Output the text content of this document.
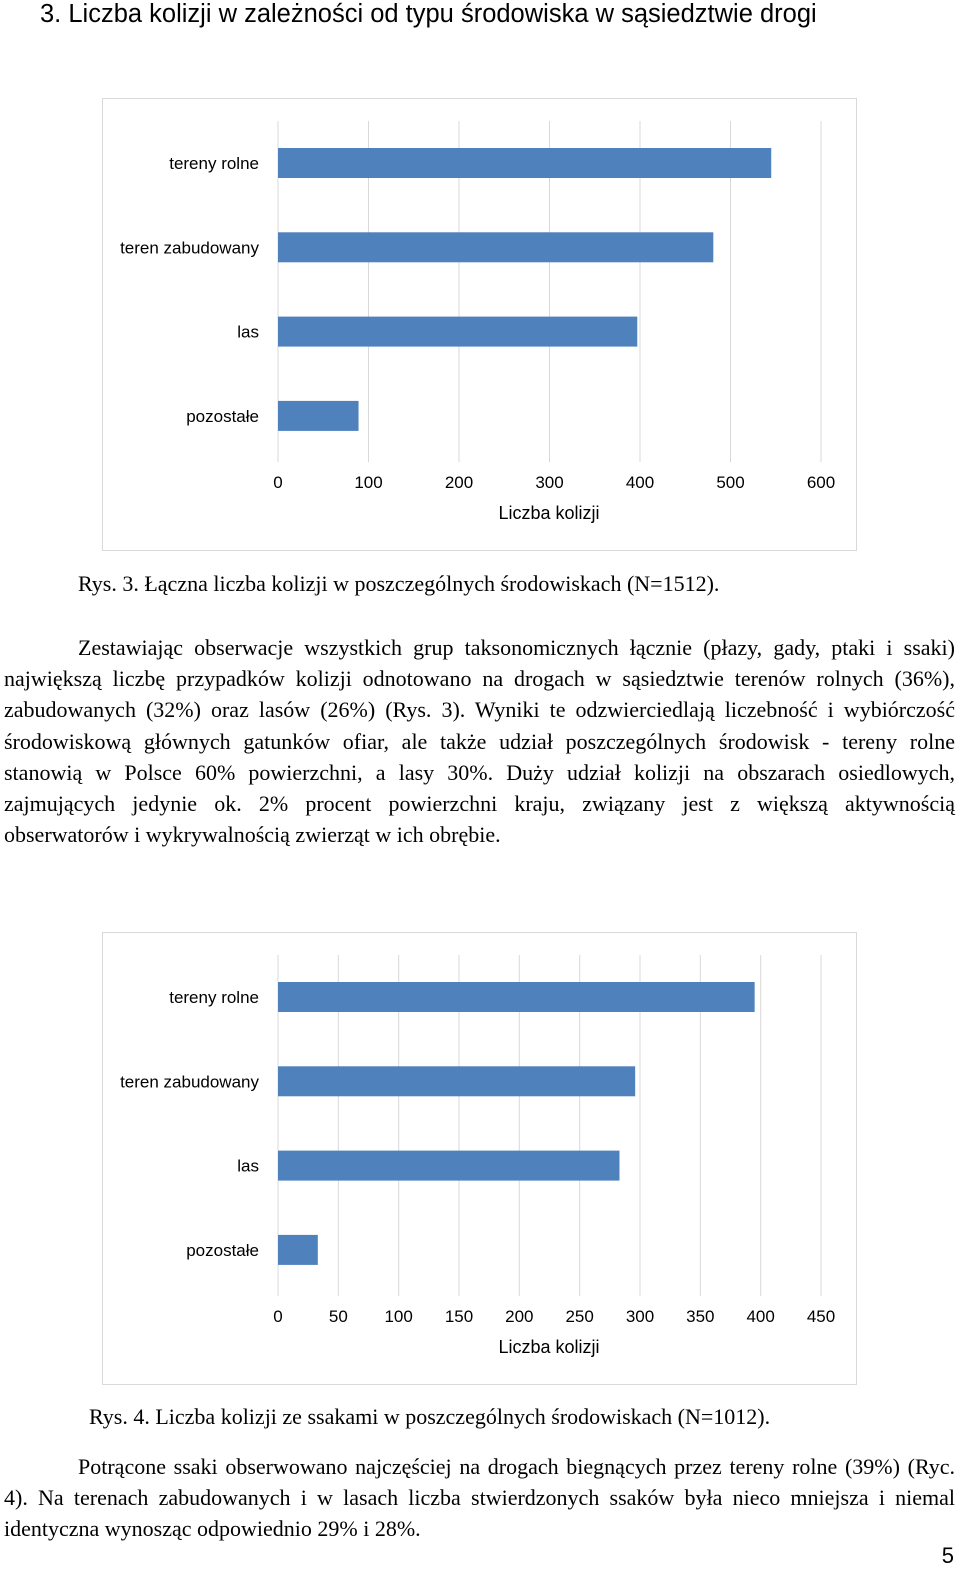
3. Liczba kolizji w zależności od typu środowiska w sąsiedztwie drogi
tereny rolne
teren zabudowany
las
pozostałe
0	100	200	300	400	500	600
Liczba kolizji
Rys. 3. Łączna liczba kolizji w poszczególnych środowiskach (N=1512).

Zestawiając obserwacje wszystkich grup taksonomicznych łącznie (płazy, gady, ptaki i ssaki) największą liczbę przypadków kolizji odnotowano na drogach w sąsiedztwie terenów rolnych (36%), zabudowanych (32%) oraz lasów (26%) (Rys. 3). Wyniki te odzwierciedlają liczebność i wybiórczość środowiskową głównych gatunków ofiar, ale także udział poszczególnych środowisk - tereny rolne stanowią w Polsce 60% powierzchni, a lasy 30%. Duży udział kolizji na obszarach osiedlowych, zajmujących jedynie ok. 2% procent powierzchni kraju, związany jest z większą aktywnością obserwatorów i wykrywalnością zwierząt w ich obrębie.

tereny rolne
teren zabudowany
las
pozostałe
0	50 100 150 200 250 300 350 400 450
Liczba kolizji
Rys. 4. Liczba kolizji ze ssakami w poszczególnych środowiskach (N=1012).

Potrącone ssaki obserwowano najczęściej na drogach biegnących przez tereny rolne (39%) (Ryc. 4). Na terenach zabudowanych i w lasach liczba stwierdzonych ssaków była nieco mniejsza i niemal identyczna wynosząc odpowiednio 29% i 28%.

5
